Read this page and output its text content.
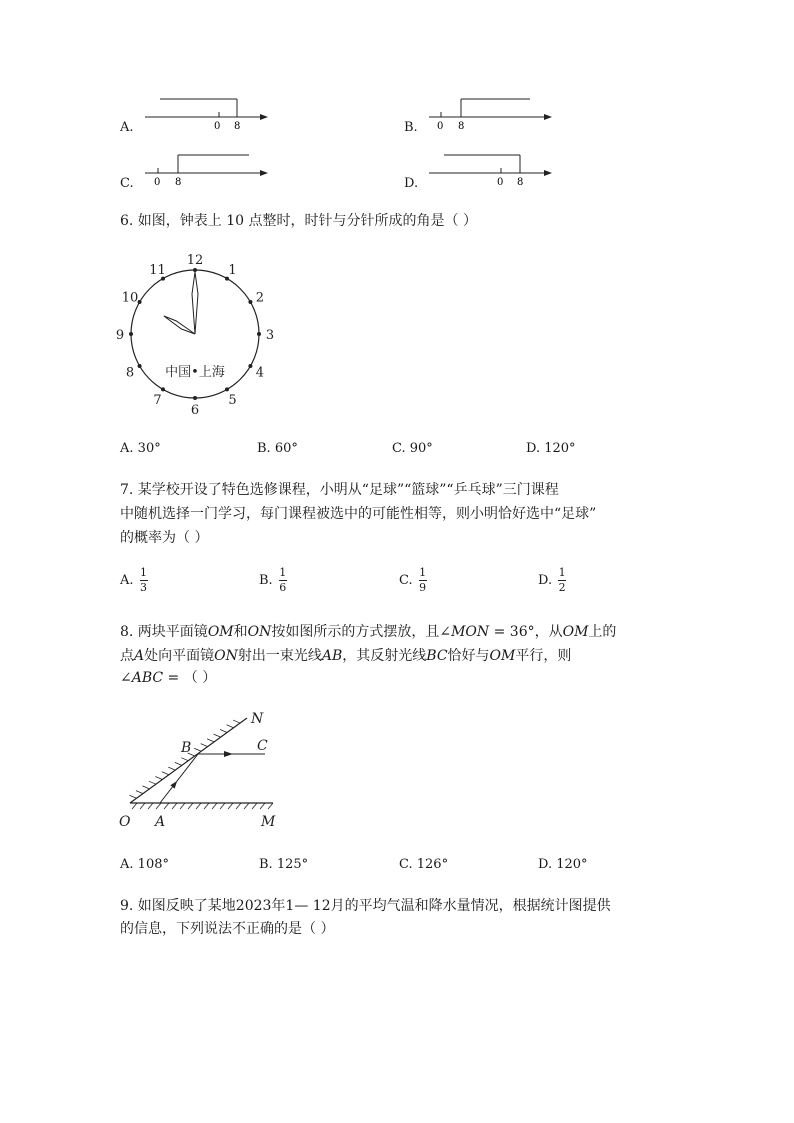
A.	0 8	B. 0 8
C. 0 8	D.	0 8
6. 如图，钟表上 10 点整时，时针与分针所成的角是（ ）
12
1
2
3
4
5
6
7
8
9
10
11
中国•上海
A. 30°	B. 60°	C. 90°	D. 120°
7. 某学校开设了特色选修课程，小明从“足球”“篮球”“乒乓球”三门课程
中随机选择一门学习，每门课程被选中的可能性相等，则小明恰好选中“足球”
的概率为（ ）
A. $\frac{1}{3}$	B. $\frac{1}{6}$	C. $\frac{1}{9}$	D. $\frac{1}{2}$
8. 两块平面镜OM和ON按如图所示的方式摆放，且∠MON = 36°，从OM上的
点A处向平面镜ON射出一束光线AB，其反射光线BC恰好与OM平行，则
∠ABC = （ ）
N
B	C
O A	M
A. 108°	B. 125°	C. 126°	D. 120°
9. 如图反映了某地2023年1— 12月的平均气温和降水量情况，根据统计图提供
的信息，下列说法不正确的是（ ）
